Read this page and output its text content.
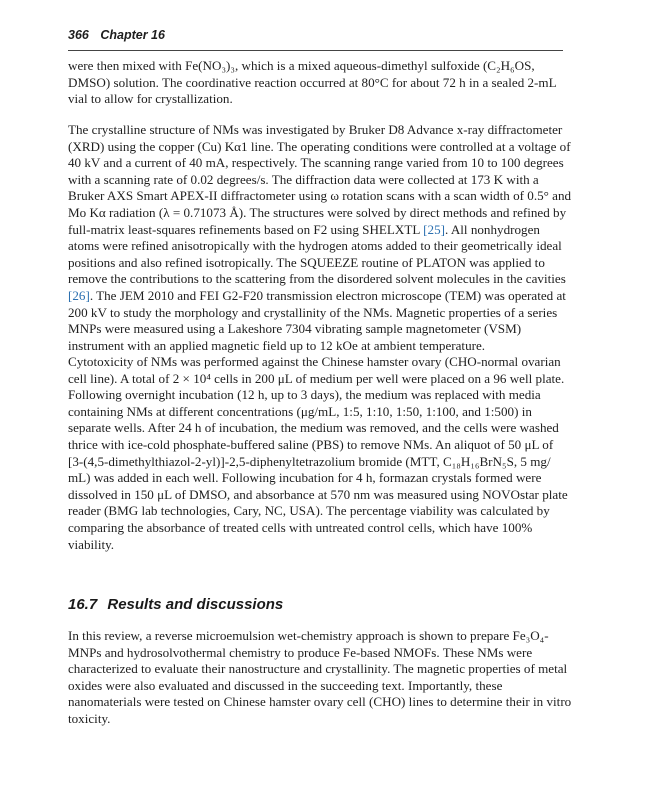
366 Chapter 16

were then mixed with Fe(NO₃)₃, which is a mixed aqueous-dimethyl sulfoxide (C₂H₆OS,

DMSO) solution. The coordinative reaction occurred at 80°C for about 72 h in a sealed 2-mL

vial to allow for crystallization.

The crystalline structure of NMs was investigated by Bruker D8 Advance x-ray diffractometer

(XRD) using the copper (Cu) Kα1 line. The operating conditions were controlled at a voltage of

40 kV and a current of 40 mA, respectively. The scanning range varied from 10 to 100 degrees

with a scanning rate of 0.02 degrees/s. The diffraction data were collected at 173 K with a

Bruker AXS Smart APEX-II diffractometer using ω rotation scans with a scan width of 0.5° and

Mo Kα radiation (λ = 0.71073 Å). The structures were solved by direct methods and refined by

full-matrix least-squares refinements based on F2 using SHELXTL [25]. All nonhydrogen

atoms were refined anisotropically with the hydrogen atoms added to their geometrically ideal

positions and also refined isotropically. The SQUEEZE routine of PLATON was applied to

remove the contributions to the scattering from the disordered solvent molecules in the cavities

[26]. The JEM 2010 and FEI G2-F20 transmission electron microscope (TEM) was operated at

200 kV to study the morphology and crystallinity of the NMs. Magnetic properties of a series

MNPs were measured using a Lakeshore 7304 vibrating sample magnetometer (VSM)

instrument with an applied magnetic field up to 12 kOe at ambient temperature.

Cytotoxicity of NMs was performed against the Chinese hamster ovary (CHO-normal ovarian

cell line). A total of 2 × 10⁴ cells in 200 μL of medium per well were placed on a 96 well plate.

Following overnight incubation (12 h, up to 3 days), the medium was replaced with media

containing NMs at different concentrations (μg/mL, 1:5, 1:10, 1:50, 1:100, and 1:500) in

separate wells. After 24 h of incubation, the medium was removed, and the cells were washed

thrice with ice-cold phosphate-buffered saline (PBS) to remove NMs. An aliquot of 50 μL of

[3-(4,5-dimethylthiazol-2-yl)]-2,5-diphenyltetrazolium bromide (MTT, C₁₈H₁₆BrN₅S, 5 mg/

mL) was added in each well. Following incubation for 4 h, formazan crystals formed were

dissolved in 150 μL of DMSO, and absorbance at 570 nm was measured using NOVOstar plate

reader (BMG lab technologies, Cary, NC, USA). The percentage viability was calculated by

comparing the absorbance of treated cells with untreated control cells, which have 100%

viability.

16.7 Results and discussions

In this review, a reverse microemulsion wet-chemistry approach is shown to prepare Fe₃O₄-

MNPs and hydrosolvothermal chemistry to produce Fe-based NMOFs. These NMs were

characterized to evaluate their nanostructure and crystallinity. The magnetic properties of metal

oxides were also evaluated and discussed in the succeeding text. Importantly, these

nanomaterials were tested on Chinese hamster ovary cell (CHO) lines to determine their in vitro

toxicity.
